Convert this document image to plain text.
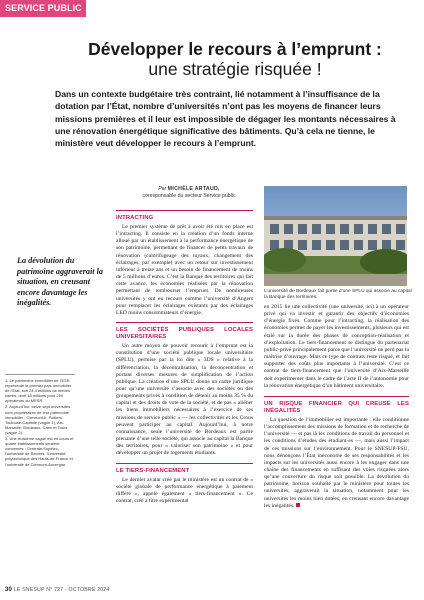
SERVICE PUBLIC
Développer le recours à l’emprunt :
une stratégie risquée !
Dans un contexte budgétaire très contraint, lié notamment à l’insuffisance de la dotation par l’État, nombre d’universités n’ont pas les moyens de financer leurs missions premières et il leur est impossible de dégager les montants nécessaires à une rénovation énergétique significative des bâtiments. Qu’à cela ne tienne, le ministère veut développer le recours à l’emprunt.
Par MICHÈLE ARTAUD,
coresponsable du secteur Service public
La dévolution du patrimoine aggraverait la situation, en creusant encore davantage les inégalités.

1. Le patrimoine immobilier de l’ESR représente le premier parc immobilier de l’État, soit 24,4 millions de mètres carrés, dont 18 millions pour 250 opérateurs du MESR.

2. Aujourd’hui, treize sept universités sont propriétaires de leur patrimoine immobilier : Clermont-II, Poitiers, Toulouse-Capitole (vague 1), Aix-Marseille, Bordeaux, Caen et Tours (vague 2).

3. Une troisième vague est en cours et quatre établissements seraient concernés : Centrale-Supélec, l’université de Rennes, l’université polytechnique des Hauts-de-France et l’université de Clermont-Auvergne.

INTRACTING

Le premier système de prêt à avoir été mis en place est l’intracting. Il consiste en la création d’un fonds interne alloué par un établissement à la performance énergétique de son patrimoine, permettant de financer de petits travaux de rénovation (calorifugeage des tuyaux, changement des éclairages, par exemple) avec un retour sur investissement inférieur à treize ans et un besoin de financement de moins de 5 millions d’euros. C’est la Banque des territoires qui fait cette avance, les économies réalisées par la rénovation permettant de rembourser l’emprunt. De nombreuses universités y ont eu recours comme l’université d’Angers pour remplacer les éclairages existants par des éclairages LED moins consommateurs d’énergie.

LES SOCIÉTÉS PUBLIQUES LOCALES UNIVERSITAIRES

Un autre moyen de pouvoir recourir à l’emprunt est la constitution d’une société publique locale universitaire (SPLU), permise par la loi dite « 3DS » relative à la différenciation, la décentralisation, la déconcentration et portant diverses mesures de simplification de l’action publique. La création d’une SPLU donne un cadre juridique pour qu’une université s’associe avec des sociétés ou des groupements privés à condition de détenir au moins 35 % du capital et des droits de vote de la société, et de pas « aliéner les biens immobiliers nécessaires à l’exercice de ses missions de service public » — les collectivités et les Crous peuvent participer au capital. Aujourd’hui, à notre connaissance, seule l’université de Bordeaux est partie prenante d’une telle société, qui associe au capital la Banque des territoires, pour « valoriser son patrimoine » et pour développer un projet de logements étudiants.

LE TIERS-FINANCEMENT

Le dernier avatar créé par le ministère est un contrat de « société globale de performance énergétique à paiement différé », appelé également « tiers-financement ». Ce contrat, créé à titre expérimental

L’université de Bordeaux fait partie d’une SPLU qui associe au capital la Banque des territoires.

en 2015 lie une collectivité (une université, ici) à un opérateur privé qui va investir et garantir des objectifs d’économies d’énergie fixés. Comme pour l’intracting, la réalisation des économies permet de payer les investissements, plusieurs qui est étalé sur la durée des phases de conception-réalisation et d’exploitation. Le tiers-financement se distingue du partenariat public-privé principalement parce que l’université ne perd pas la maîtrise d’ouvrage. Mais ce type de contrats reste risqué, et fait supporter des coûts plus importants à l’université. C’est ce contrat de tiers-financement que l’université d’Aix-Marseille doit expérimenter dans le cadre de l’acte II de l’autonomie pour la rénovation énergétique d’un bâtiment universitaire.

UN RISQUE FINANCIER QUI CREUSE LES INÉGALITÉS

La question de l’immobilier est importante : elle conditionne l’accomplissement des missions de formation et de recherche de l’université — et pas là les conditions de travail du personnel et les conditions d’études des étudiant·es —, mais aussi l’impact de ces missions sur l’environnement. Pour le SNESUP-FSU, nous dénonçons l’État inéconome de ses responsabilités et les impacts sur les universités aussi encore à les engager dans une chaîne des financements en suffisant des voies risquées alors qu’une couverture du risque soit possible. La dévolution du patrimoine, horizon souhaité par le ministère pour toutes les universités, aggraverait la situation, notamment pour les universités les moins bien dotées, en creusant encore davantage les inégalités.

30 LE SNESUP N° 727 - OCTOBRE 2024
